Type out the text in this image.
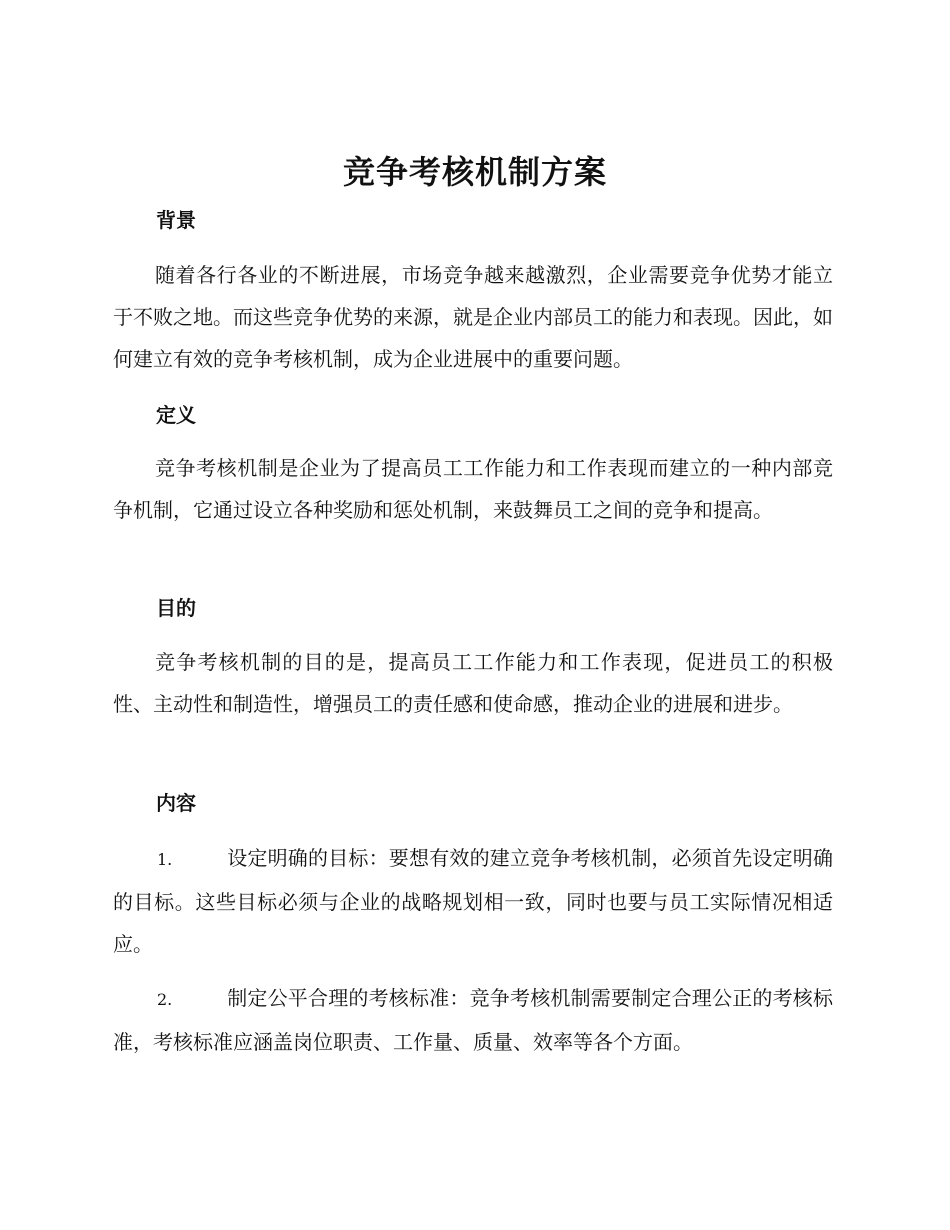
竞争考核机制方案
背景
随着各行各业的不断进展，市场竞争越来越激烈，企业需要竞争优势才能立于不败之地。而这些竞争优势的来源，就是企业内部员工的能力和表现。因此，如何建立有效的竞争考核机制，成为企业进展中的重要问题。
定义
竞争考核机制是企业为了提高员工工作能力和工作表现而建立的一种内部竞争机制，它通过设立各种奖励和惩处机制，来鼓舞员工之间的竞争和提高。
目的
竞争考核机制的目的是，提高员工工作能力和工作表现，促进员工的积极性、主动性和制造性，增强员工的责任感和使命感，推动企业的进展和进步。
内容
1.	设定明确的目标：要想有效的建立竞争考核机制，必须首先设定明确的目标。这些目标必须与企业的战略规划相一致，同时也要与员工实际情况相适应。
2.	制定公平合理的考核标准：竞争考核机制需要制定合理公正的考核标准，考核标准应涵盖岗位职责、工作量、质量、效率等各个方面。
